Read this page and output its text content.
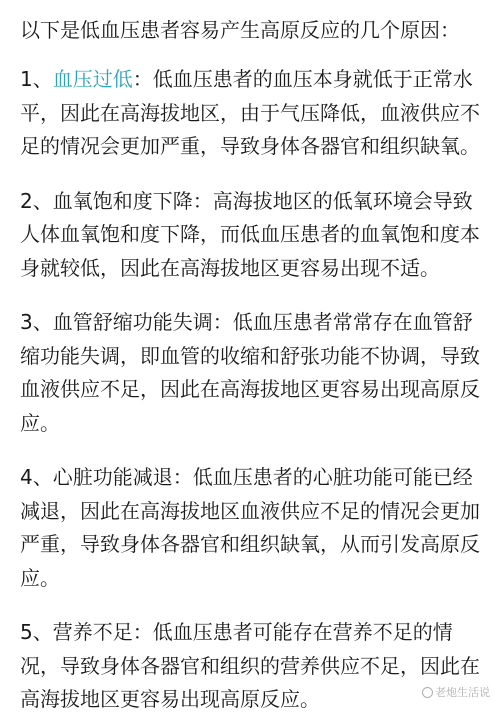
以下是低血压患者容易产生高原反应的几个原因：
1、血压过低：低血压患者的血压本身就低于正常水平，因此在高海拔地区，由于气压降低，血液供应不足的情况会更加严重，导致身体各器官和组织缺氧。
2、血氧饱和度下降：高海拔地区的低氧环境会导致人体血氧饱和度下降，而低血压患者的血氧饱和度本身就较低，因此在高海拔地区更容易出现不适。
3、血管舒缩功能失调：低血压患者常常存在血管舒缩功能失调，即血管的收缩和舒张功能不协调，导致血液供应不足，因此在高海拔地区更容易出现高原反应。
4、心脏功能减退：低血压患者的心脏功能可能已经减退，因此在高海拔地区血液供应不足的情况会更加严重，导致身体各器官和组织缺氧，从而引发高原反应。
5、营养不足：低血压患者可能存在营养不足的情况，导致身体各器官和组织的营养供应不足，因此在高海拔地区更容易出现高原反应。	老炮生活说
